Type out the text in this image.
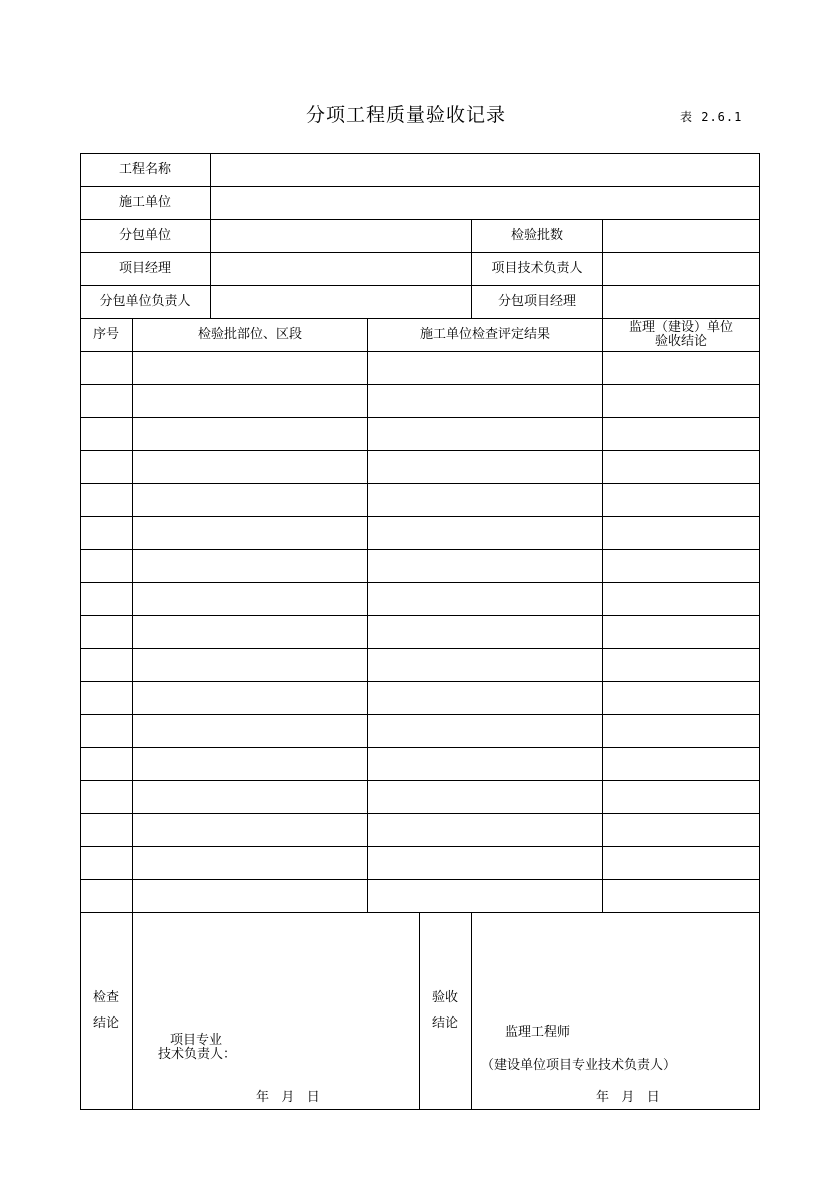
分项工程质量验收记录	表 2.6.1
工程名称
施工单位
分包单位	检验批数
项目经理	项目技术负责人
分包单位负责人	分包项目经理
序号	检验批部位、区段	施工单位检查评定结果	监理（建设）单位
验收结论
检查
结论
项目专业
技术负责人：
年   月   日
验收
结论
监理工程师
（建设单位项目专业技术负责人）
年   月   日
